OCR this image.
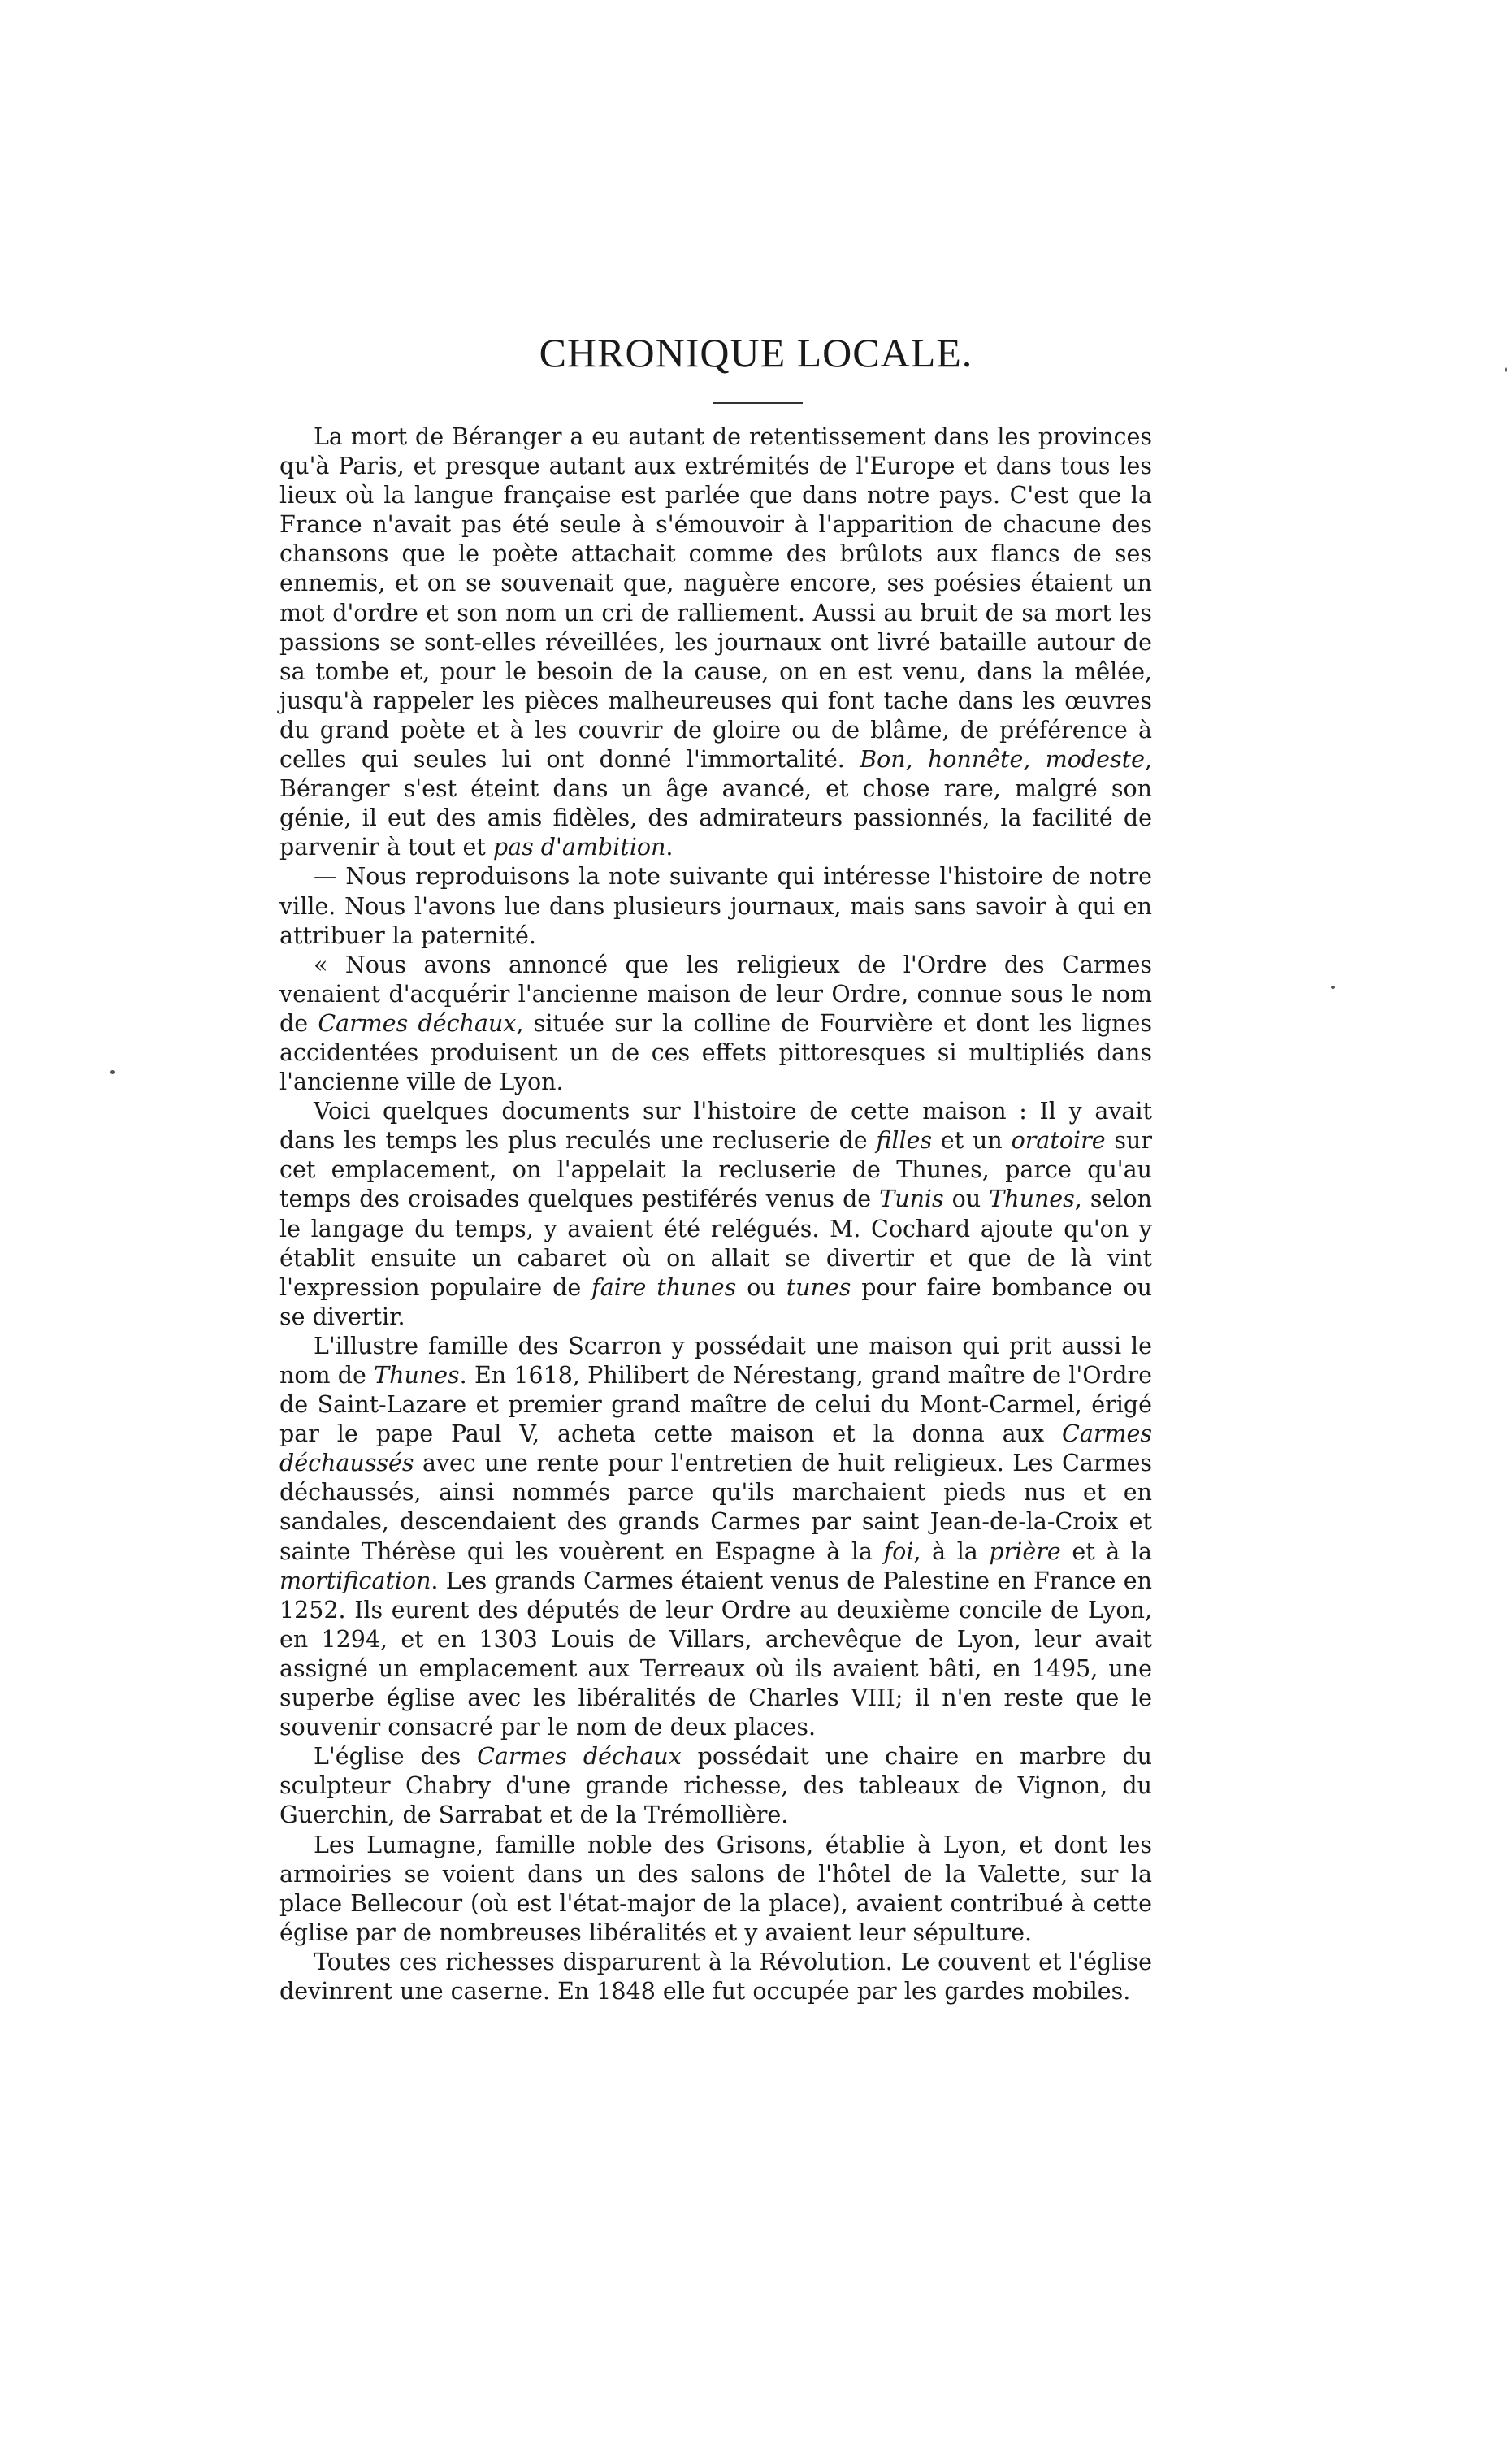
CHRONIQUE LOCALE.

La mort de Béranger a eu autant de retentissement dans les provinces qu'à Paris, et presque autant aux extrémités de l'Europe et dans tous les lieux où la langue française est parlée que dans notre pays. C'est que la France n'avait pas été seule à s'émouvoir à l'apparition de chacune des chansons que le poète attachait comme des brûlots aux flancs de ses ennemis, et on se souvenait que, naguère encore, ses poésies étaient un mot d'ordre et son nom un cri de ralliement. Aussi au bruit de sa mort les passions se sont-elles réveillées, les journaux ont livré bataille autour de sa tombe et, pour le besoin de la cause, on en est venu, dans la mêlée, jusqu'à rappeler les pièces malheureuses qui font tache dans les œuvres du grand poète et à les couvrir de gloire ou de blâme, de préférence à celles qui seules lui ont donné l'immortalité. Bon, honnête, modeste, Béranger s'est éteint dans un âge avancé, et chose rare, malgré son génie, il eut des amis fidèles, des admirateurs passionnés, la facilité de parvenir à tout et pas d'ambition.

— Nous reproduisons la note suivante qui intéresse l'histoire de notre ville. Nous l'avons lue dans plusieurs journaux, mais sans savoir à qui en attribuer la paternité.

« Nous avons annoncé que les religieux de l'Ordre des Carmes venaient d'acquérir l'ancienne maison de leur Ordre, connue sous le nom de Carmes déchaux, située sur la colline de Fourvière et dont les lignes accidentées produisent un de ces effets pittoresques si multipliés dans l'ancienne ville de Lyon.

Voici quelques documents sur l'histoire de cette maison : Il y avait dans les temps les plus reculés une recluserie de filles et un oratoire sur cet emplacement, on l'appelait la recluserie de Thunes, parce qu'au temps des croisades quelques pestiférés venus de Tunis ou Thunes, selon le langage du temps, y avaient été relégués. M. Cochard ajoute qu'on y établit ensuite un cabaret où on allait se divertir et que de là vint l'expression populaire de faire thunes ou tunes pour faire bombance ou se divertir.

L'illustre famille des Scarron y possédait une maison qui prit aussi le nom de Thunes. En 1618, Philibert de Nérestang, grand maître de l'Ordre de Saint-Lazare et premier grand maître de celui du Mont-Carmel, érigé par le pape Paul V, acheta cette maison et la donna aux Carmes déchaussés avec une rente pour l'entretien de huit religieux. Les Carmes déchaussés, ainsi nommés parce qu'ils marchaient pieds nus et en sandales, descendaient des grands Carmes par saint Jean-de-la-Croix et sainte Thérèse qui les vouèrent en Espagne à la foi, à la prière et à la mortification. Les grands Carmes étaient venus de Palestine en France en 1252. Ils eurent des députés de leur Ordre au deuxième concile de Lyon, en 1294, et en 1303 Louis de Villars, archevêque de Lyon, leur avait assigné un emplacement aux Terreaux où ils avaient bâti, en 1495, une superbe église avec les libéralités de Charles VIII; il n'en reste que le souvenir consacré par le nom de deux places.

L'église des Carmes déchaux possédait une chaire en marbre du sculpteur Chabry d'une grande richesse, des tableaux de Vignon, du Guerchin, de Sarrabat et de la Trémollière.

Les Lumagne, famille noble des Grisons, établie à Lyon, et dont les armoiries se voient dans un des salons de l'hôtel de la Valette, sur la place Bellecour (où est l'état-major de la place), avaient contribué à cette église par de nombreuses libéralités et y avaient leur sépulture.

Toutes ces richesses disparurent à la Révolution. Le couvent et l'église devinrent une caserne. En 1848 elle fut occupée par les gardes mobiles.
